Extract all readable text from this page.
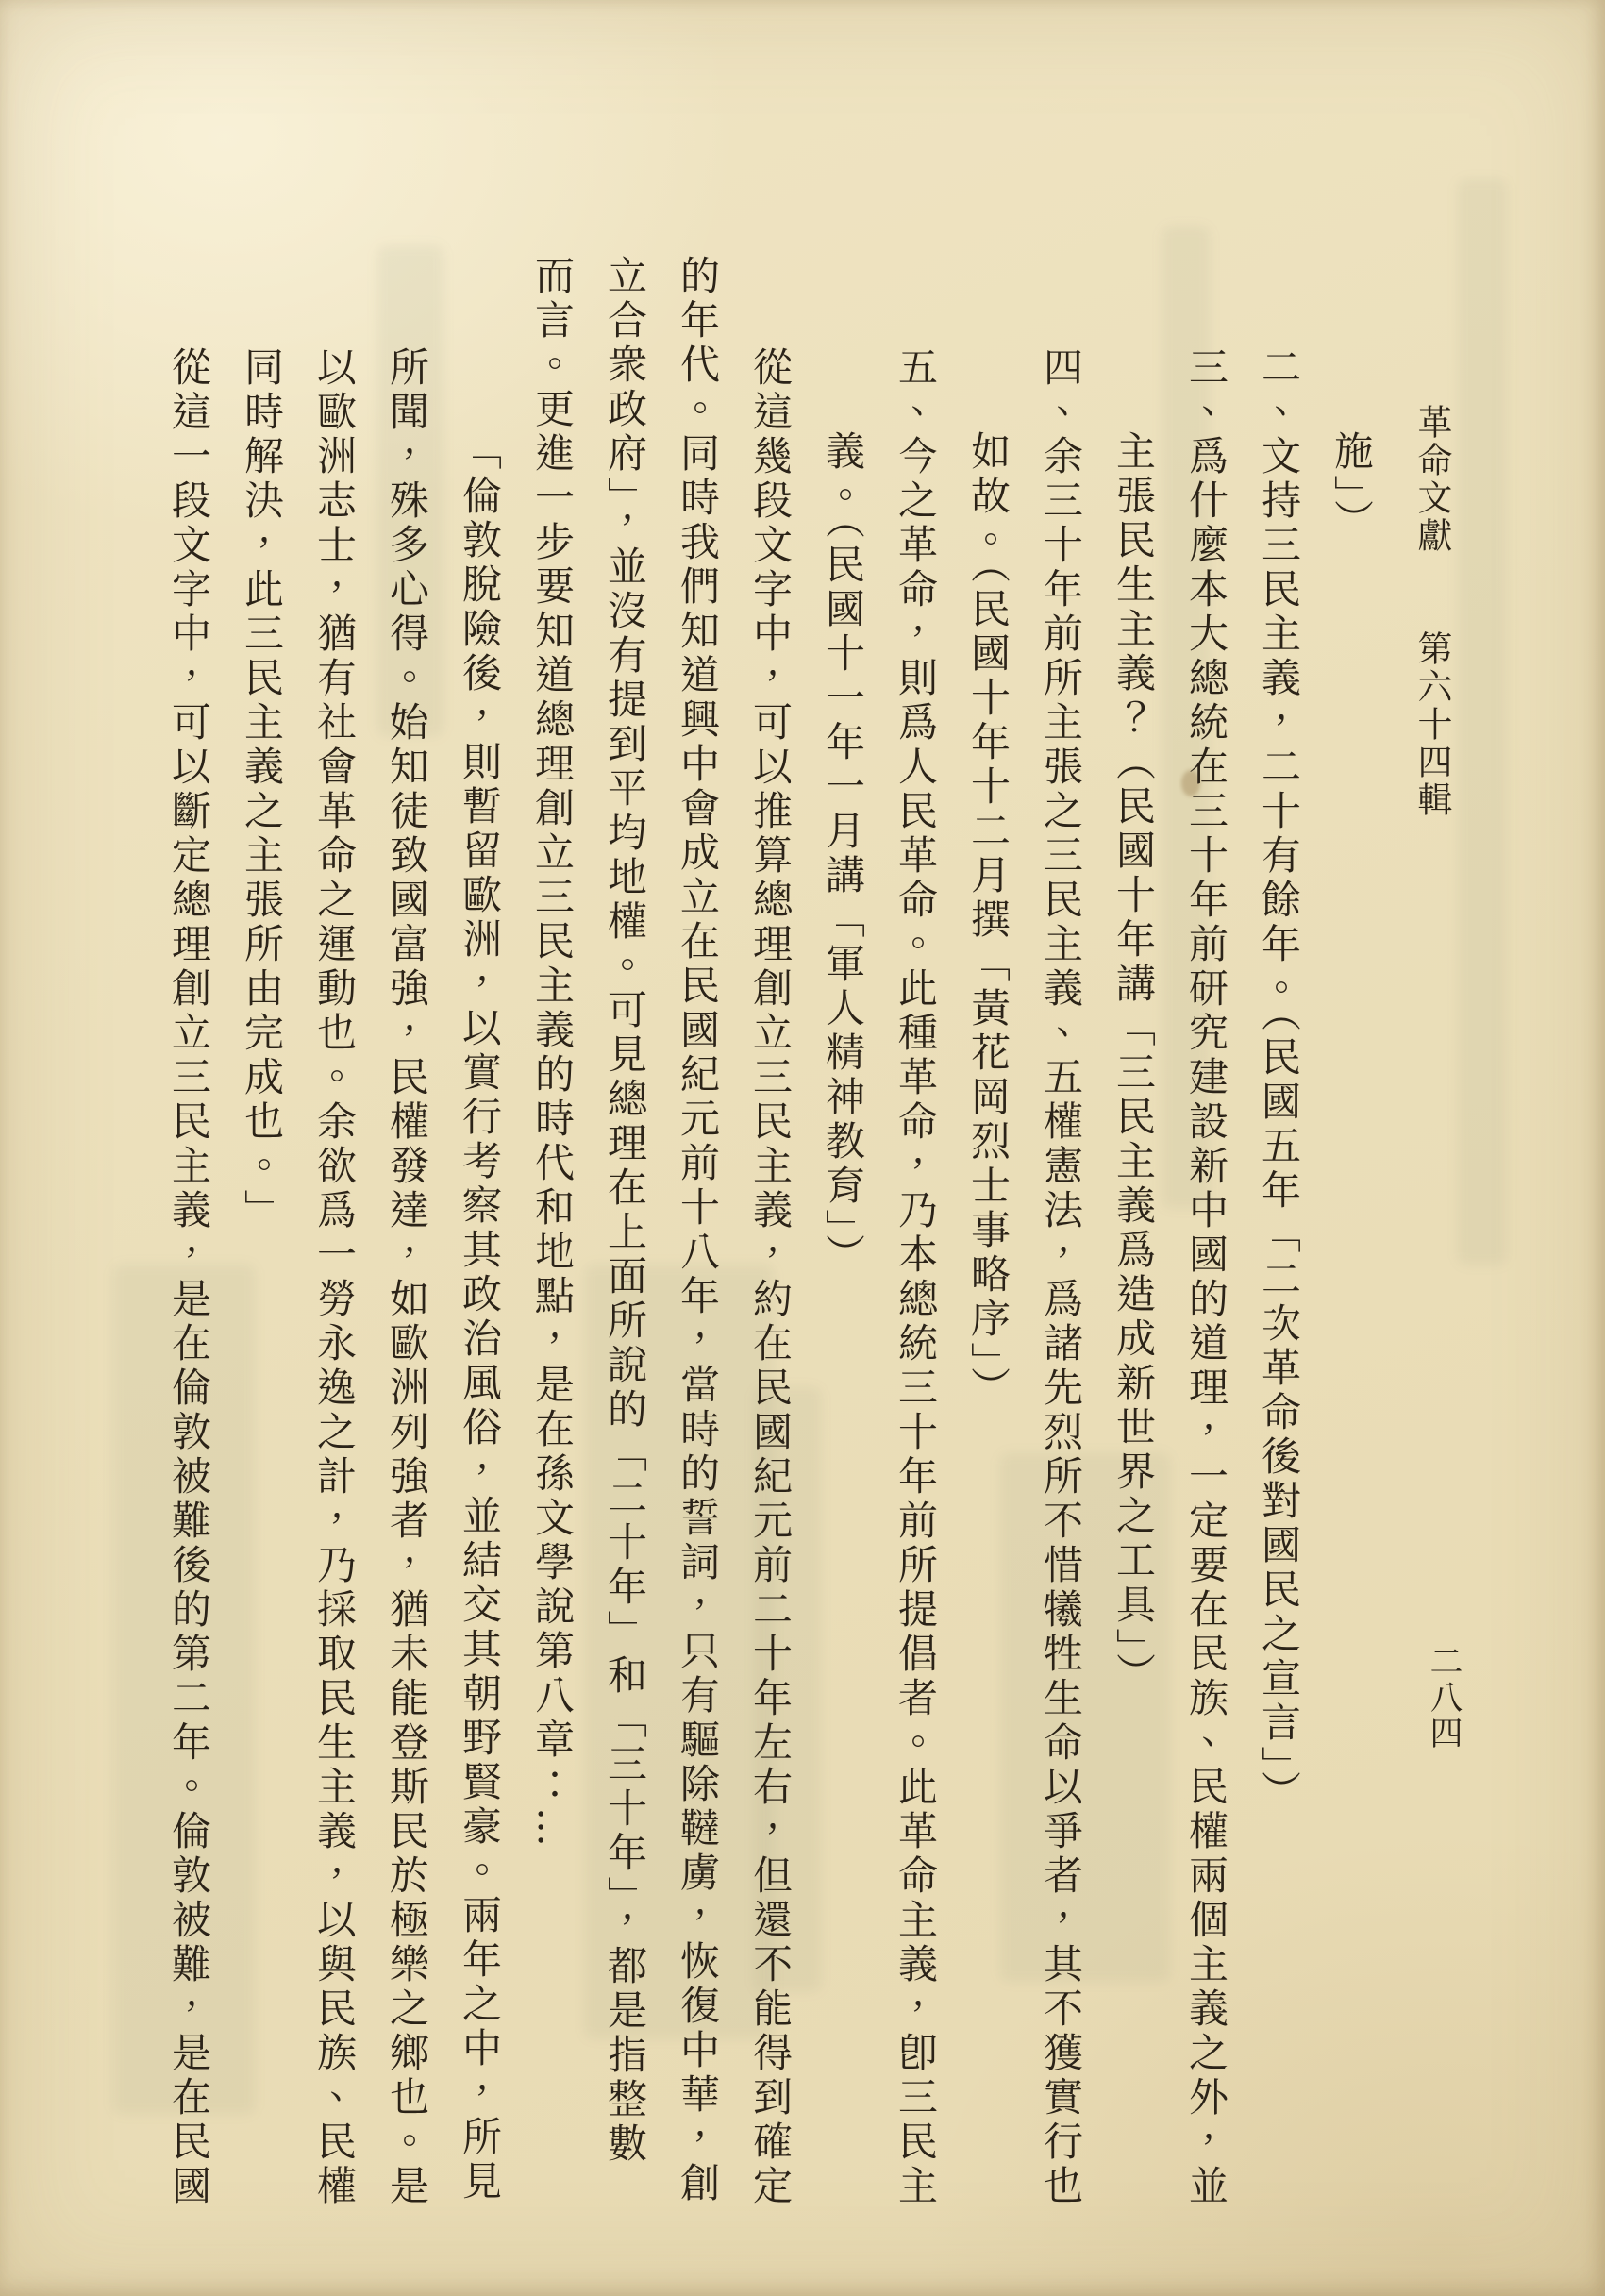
革命文獻　　第六十四輯
二八四
施」）
二、文持三民主義，二十有餘年。（民國五年「二次革命後對國民之宣言」）
三、爲什麼本大總統在三十年前研究建設新中國的道理，一定要在民族、民權兩個主義之外，並
主張民生主義？（民國十年講「三民主義爲造成新世界之工具」）
四、余三十年前所主張之三民主義、五權憲法，爲諸先烈所不惜犧牲生命以爭者，其不獲實行也
如故。（民國十年十二月撰「黃花岡烈士事略序」）
五、今之革命，則爲人民革命。此種革命，乃本總統三十年前所提倡者。此革命主義，卽三民主
義。（民國十一年一月講「軍人精神教育」）
從這幾段文字中，可以推算總理創立三民主義，約在民國紀元前二十年左右，但還不能得到確定
的年代。同時我們知道興中會成立在民國紀元前十八年，當時的誓詞，只有驅除韃虜，恢復中華，創
立合衆政府」，並沒有提到平均地權。可見總理在上面所說的「二十年」和「三十年」，都是指整數
而言。更進一步要知道總理創立三民主義的時代和地點，是在孫文學說第八章：…
「倫敦脫險後，則暫留歐洲，以實行考察其政治風俗，並結交其朝野賢豪。兩年之中，所見
所聞，殊多心得。始知徒致國富強，民權發達，如歐洲列強者，猶未能登斯民於極樂之鄉也。是
以歐洲志士，猶有社會革命之運動也。余欲爲一勞永逸之計，乃採取民生主義，以與民族、民權
同時解決，此三民主義之主張所由完成也。」
從這一段文字中，可以斷定總理創立三民主義，是在倫敦被難後的第二年。倫敦被難，是在民國
